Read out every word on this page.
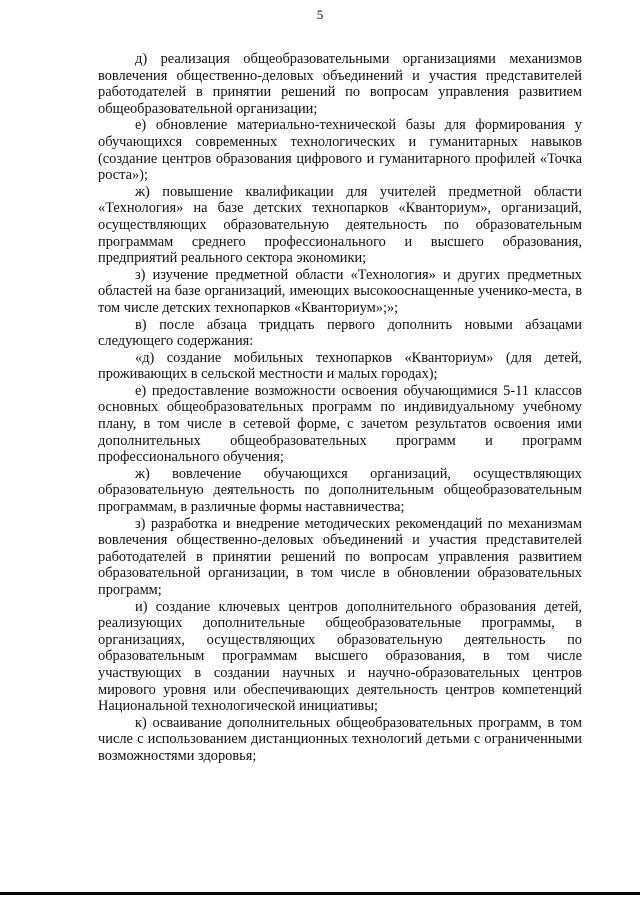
5

д) реализация общеобразовательными организациями механизмов вовлечения общественно-деловых объединений и участия представителей работодателей в принятии решений по вопросам управления развитием общеобразовательной организации;

е) обновление материально-технической базы для формирования у обучающихся современных технологических и гуманитарных навыков (создание центров образования цифрового и гуманитарного профилей «Точка роста»);

ж) повышение квалификации для учителей предметной области «Технология» на базе детских технопарков «Кванториум», организаций, осуществляющих образовательную деятельность по образовательным программам среднего профессионального и высшего образования, предприятий реального сектора экономики;

з) изучение предметной области «Технология» и других предметных областей на базе организаций, имеющих высокооснащенные ученико-места, в том числе детских технопарков «Кванториум»;»;

в) после абзаца тридцать первого дополнить новыми абзацами следующего содержания:

«д) создание мобильных технопарков «Кванториум» (для детей, проживающих в сельской местности и малых городах);

е) предоставление возможности освоения обучающимися 5-11 классов основных общеобразовательных программ по индивидуальному учебному плану, в том числе в сетевой форме, с зачетом результатов освоения ими дополнительных общеобразовательных программ и программ профессионального обучения;

ж) вовлечение обучающихся организаций, осуществляющих образовательную деятельность по дополнительным общеобразовательным программам, в различные формы наставничества;

з) разработка и внедрение методических рекомендаций по механизмам вовлечения общественно-деловых объединений и участия представителей работодателей в принятии решений по вопросам управления развитием образовательной организации, в том числе в обновлении образовательных программ;

и) создание ключевых центров дополнительного образования детей, реализующих дополнительные общеобразовательные программы, в организациях, осуществляющих образовательную деятельность по образовательным программам высшего образования, в том числе участвующих в создании научных и научно-образовательных центров мирового уровня или обеспечивающих деятельность центров компетенций Национальной технологической инициативы;

к) осваивание дополнительных общеобразовательных программ, в том числе с использованием дистанционных технологий детьми с ограниченными возможностями здоровья;
